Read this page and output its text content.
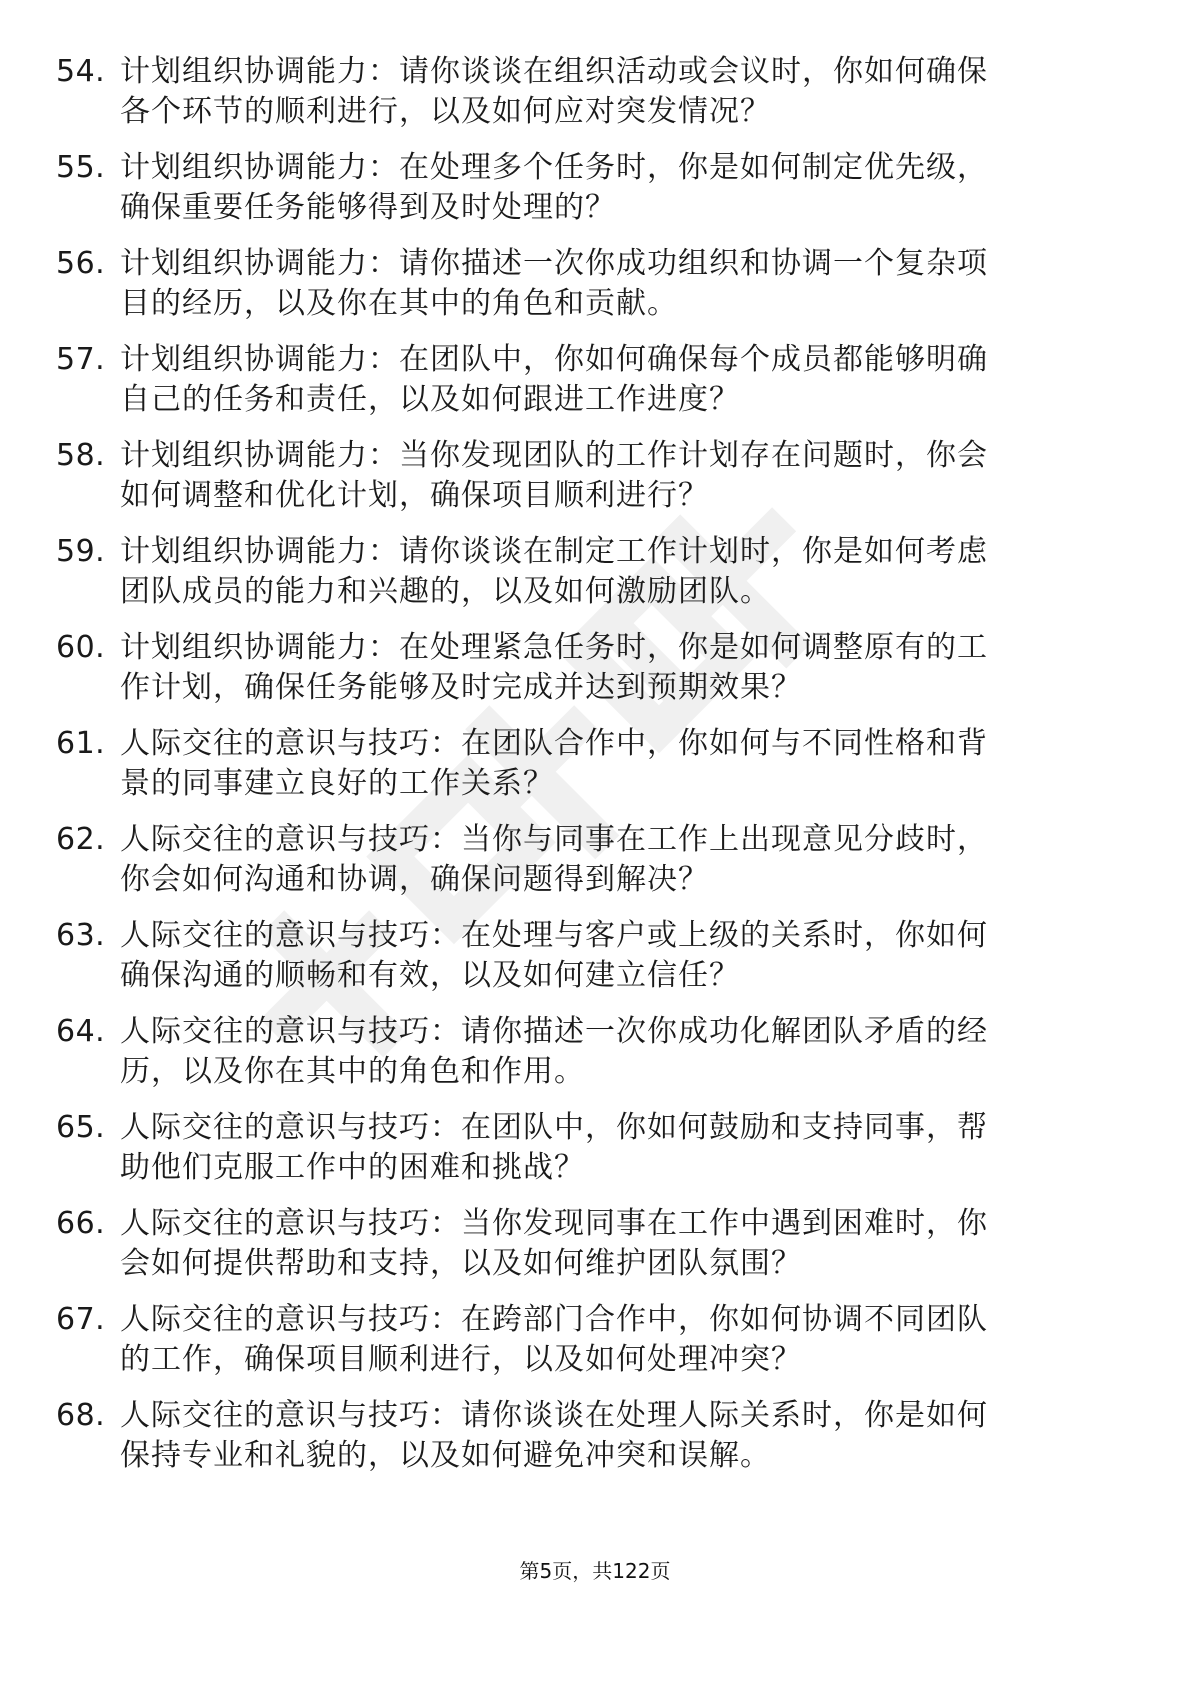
54. 计划组织协调能力：请你谈谈在组织活动或会议时，你如何确保
各个环节的顺利进行，以及如何应对突发情况？
55. 计划组织协调能力：在处理多个任务时，你是如何制定优先级，
确保重要任务能够得到及时处理的？
56. 计划组织协调能力：请你描述一次你成功组织和协调一个复杂项
目的经历，以及你在其中的角色和贡献。
57. 计划组织协调能力：在团队中，你如何确保每个成员都能够明确
自己的任务和责任，以及如何跟进工作进度？
58. 计划组织协调能力：当你发现团队的工作计划存在问题时，你会
如何调整和优化计划，确保项目顺利进行？
59. 计划组织协调能力：请你谈谈在制定工作计划时，你是如何考虑
团队成员的能力和兴趣的，以及如何激励团队。
60. 计划组织协调能力：在处理紧急任务时，你是如何调整原有的工
作计划，确保任务能够及时完成并达到预期效果？
61. 人际交往的意识与技巧：在团队合作中，你如何与不同性格和背
景的同事建立良好的工作关系？
62. 人际交往的意识与技巧：当你与同事在工作上出现意见分歧时，
你会如何沟通和协调，确保问题得到解决？
63. 人际交往的意识与技巧：在处理与客户或上级的关系时，你如何
确保沟通的顺畅和有效，以及如何建立信任？
64. 人际交往的意识与技巧：请你描述一次你成功化解团队矛盾的经
历，以及你在其中的角色和作用。
65. 人际交往的意识与技巧：在团队中，你如何鼓励和支持同事，帮
助他们克服工作中的困难和挑战？
66. 人际交往的意识与技巧：当你发现同事在工作中遇到困难时，你
会如何提供帮助和支持，以及如何维护团队氛围？
67. 人际交往的意识与技巧：在跨部门合作中，你如何协调不同团队
的工作，确保项目顺利进行，以及如何处理冲突？
68. 人际交往的意识与技巧：请你谈谈在处理人际关系时，你是如何
保持专业和礼貌的，以及如何避免冲突和误解。
第5页，共122页
